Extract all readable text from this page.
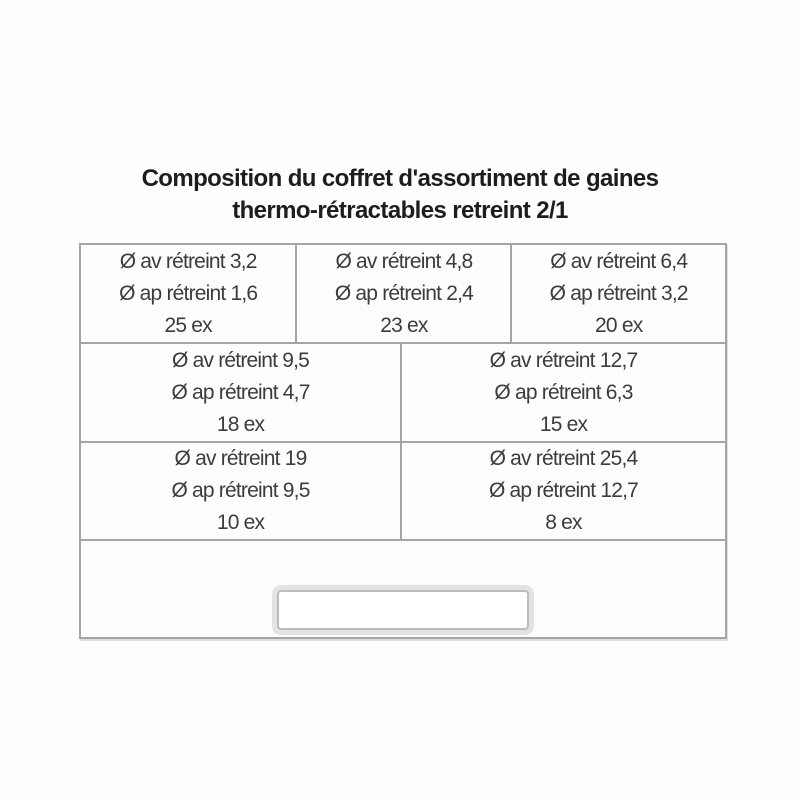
Composition du coffret d'assortiment de gaines
thermo-rétractables retreint 2/1
Ø av rétreint 3,2
Ø ap rétreint 1,6
25 ex
Ø av rétreint 4,8
Ø ap rétreint 2,4
23 ex
Ø av rétreint 6,4
Ø ap rétreint 3,2
20 ex
Ø av rétreint 9,5
Ø ap rétreint 4,7
18 ex
Ø av rétreint 12,7
Ø ap rétreint 6,3
15 ex
Ø av rétreint 19
Ø ap rétreint 9,5
10 ex
Ø av rétreint 25,4
Ø ap rétreint 12,7
8 ex
